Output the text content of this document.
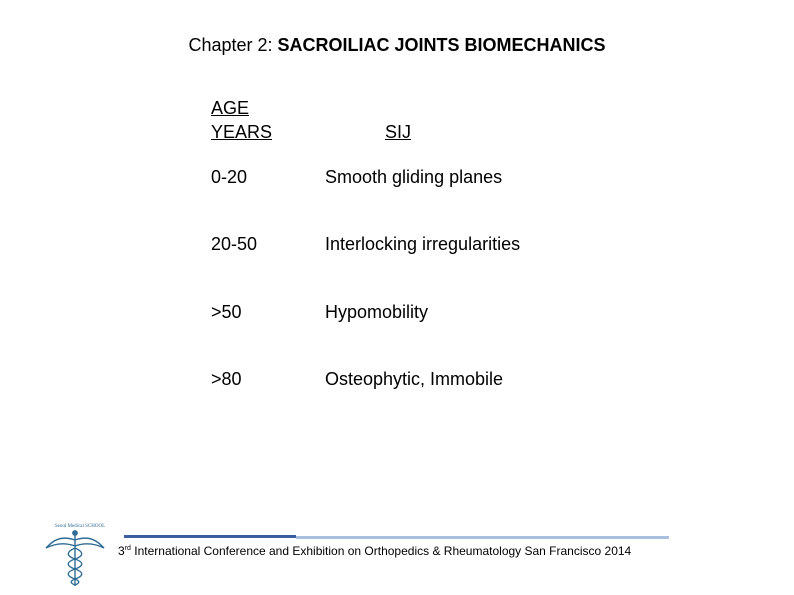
Chapter 2: SACROILIAC JOINTS BIOMECHANICS
AGE
YEARS	SIJ
0-20	Smooth gliding planes
20-50	Interlocking irregularities
>50	Hypomobility
>80	Osteophytic, Immobile
Seoul Medical SCHOOL
3rd International Conference and Exhibition on Orthopedics & Rheumatology San Francisco 2014
